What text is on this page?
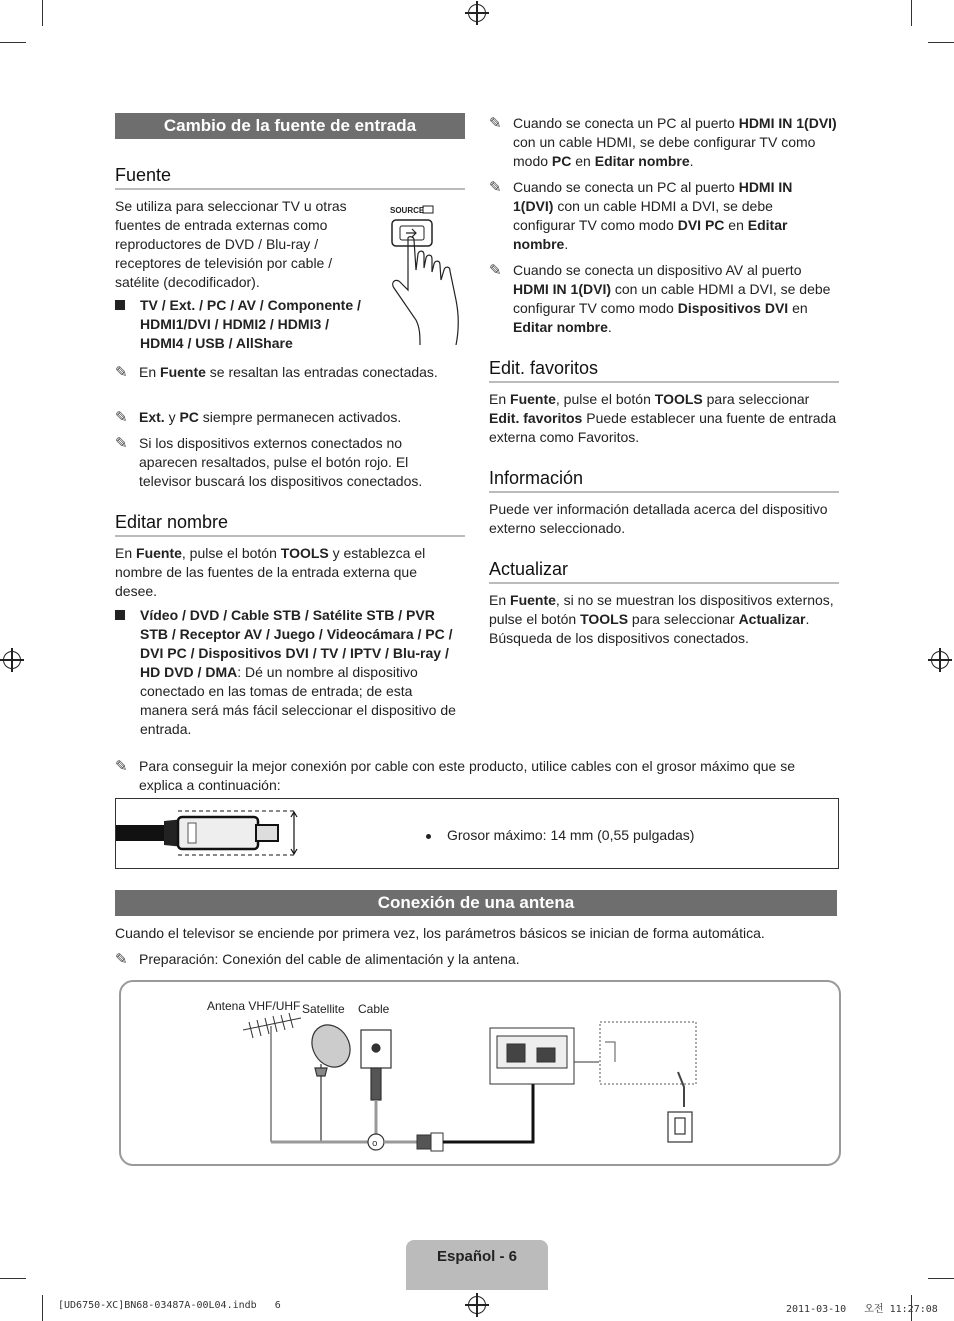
Cambio de la fuente de entrada
Fuente
Se utiliza para seleccionar TV u otras fuentes de entrada externas como reproductores de DVD / Blu-ray / receptores de televisión por cable / satélite (decodificador).
SOURCE
TV / Ext. / PC / AV / Componente / HDMI1/DVI / HDMI2 / HDMI3 / HDMI4 / USB / AllShare
✎ En Fuente se resaltan las entradas conectadas.
✎ Ext. y PC siempre permanecen activados.
✎ Si los dispositivos externos conectados no aparecen resaltados, pulse el botón rojo. El televisor buscará los dispositivos conectados.
Editar nombre
En Fuente, pulse el botón TOOLS y establezca el nombre de las fuentes de la entrada externa que desee.
Vídeo / DVD / Cable STB / Satélite STB / PVR STB / Receptor AV / Juego / Videocámara / PC / DVI PC / Dispositivos DVI / TV / IPTV / Blu-ray / HD DVD / DMA: Dé un nombre al dispositivo conectado en las tomas de entrada; de esta manera será más fácil seleccionar el dispositivo de entrada.
✎ Cuando se conecta un PC al puerto HDMI IN 1(DVI) con un cable HDMI, se debe configurar TV como modo PC en Editar nombre.
✎ Cuando se conecta un PC al puerto HDMI IN 1(DVI) con un cable HDMI a DVI, se debe configurar TV como modo DVI PC en Editar nombre.
✎ Cuando se conecta un dispositivo AV al puerto HDMI IN 1(DVI) con un cable HDMI a DVI, se debe configurar TV como modo Dispositivos DVI en Editar nombre.
Edit. favoritos
En Fuente, pulse el botón TOOLS para seleccionar Edit. favoritos Puede establecer una fuente de entrada externa como Favoritos.
Información
Puede ver información detallada acerca del dispositivo externo seleccionado.
Actualizar
En Fuente, si no se muestran los dispositivos externos, pulse el botón TOOLS para seleccionar Actualizar. Búsqueda de los dispositivos conectados.
✎ Para conseguir la mejor conexión por cable con este producto, utilice cables con el grosor máximo que se explica a continuación:
Grosor máximo: 14 mm (0,55 pulgadas)
Conexión de una antena
Cuando el televisor se enciende por primera vez, los parámetros básicos se inician de forma automática.
✎ Preparación: Conexión del cable de alimentación y la antena.
Antena VHF/UHF Satellite Cable
o
Español - 6
[UD6750-XC]BN68-03487A-00L04.indb   6	2011-03-10   오전 11:27:08
